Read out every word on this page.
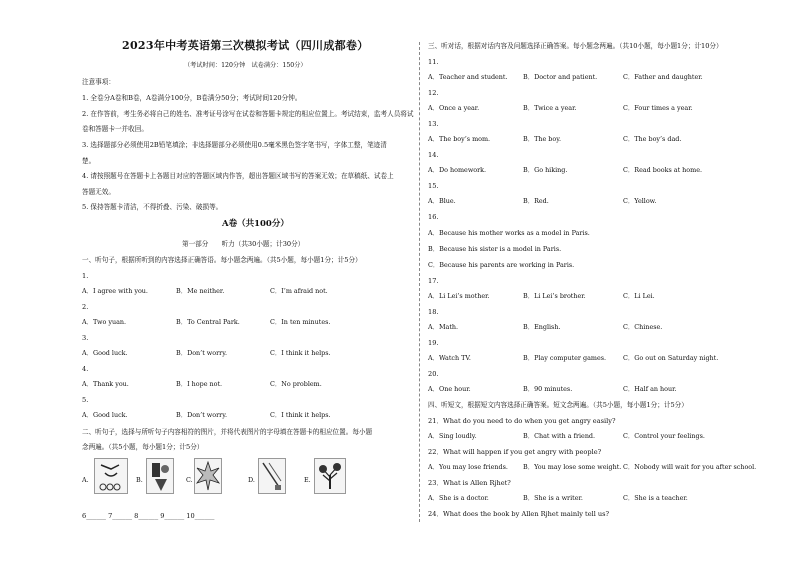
2023年中考英语第三次模拟考试（四川成都卷）
（考试时间：120分钟　试卷满分：150分）
注意事项：
1. 全卷分A卷和B卷，A卷满分100分，B卷满分50分；考试时间120分钟。
2. 在作答前，考生务必将自己的姓名、准考证号涂写在试卷和答题卡规定的相应位置上。考试结束，监考人员将试
卷和答题卡一并收回。
3. 选择题部分必须使用2B铅笔填涂；非选择题部分必须使用0.5毫米黑色签字笔书写，字体工整，笔迹清
楚。
4. 请按照题号在答题卡上各题目对应的答题区域内作答，超出答题区域书写的答案无效；在草稿纸、试卷上
答题无效。
5. 保持答题卡清洁，不得折叠、污染、破损等。
A卷（共100分）
第一部分　　听力（共30小题；计30分）
一、听句子，根据所听到的内容选择正确答语。每小题念两遍。（共5小题，每小题1分；计5分）
1.
A．I agree with you.	B．Me neither.	C．I’m afraid not.
2.
A．Two yuan.	B．To Central Park.	C．In ten minutes.
3.
A．Good luck.	B．Don’t worry.	C．I think it helps.
4.
A．Thank you.	B．I hope not.	C．No problem.
5.
A．Good luck.	B．Don’t worry.	C．I think it helps.
二、听句子，选择与所听句子内容相符的图片，并将代表图片的字母填在答题卡的相应位置。每小题
念两遍。（共5小题，每小题1分；计5分）
A.	B.	C.	D.	E.
6______ 7______ 8______ 9______ 10______
三、听对话，根据对话内容及问题选择正确答案。每小题念两遍。（共10小题，每小题1分；计10分）
11.
A．Teacher and student. B．Doctor and patient.	C．Father and daughter.
12.
A．Once a year.	B．Twice a year.	C．Four times a year.
13.
A．The boy’s mom.	B．The boy.	C．The boy’s dad.
14.
A．Do homework.	B．Go hiking.	C．Read books at home.
15.
A．Blue.	B．Red.	C．Yellow.
16.
A．Because his mother works as a model in Paris.
B．Because his sister is a model in Paris.
C．Because his parents are working in Paris.
17.
A．Li Lei’s mother.	B．Li Lei’s brother.	C．Li Lei.
18.
A．Math.	B．English.	C．Chinese.
19.
A．Watch TV.	B．Play computer games.	C．Go out on Saturday night.
20.
A．One hour.	B．90 minutes.	C．Half an hour.
四、听短文，根据短文内容选择正确答案。短文念两遍。（共5小题，每小题1分；计5分）
21．What do you need to do when you get angry easily?
A．Sing loudly.	B．Chat with a friend.	C．Control your feelings.
22．What will happen if you get angry with people?
A．You may lose friends. B．You may lose some weight. C．Nobody will wait for you after school.
23．What is Allen Rjhet?
A．She is a doctor.	B．She is a writer.	C．She is a teacher.
24．What does the book by Allen Rjhet mainly tell us?
